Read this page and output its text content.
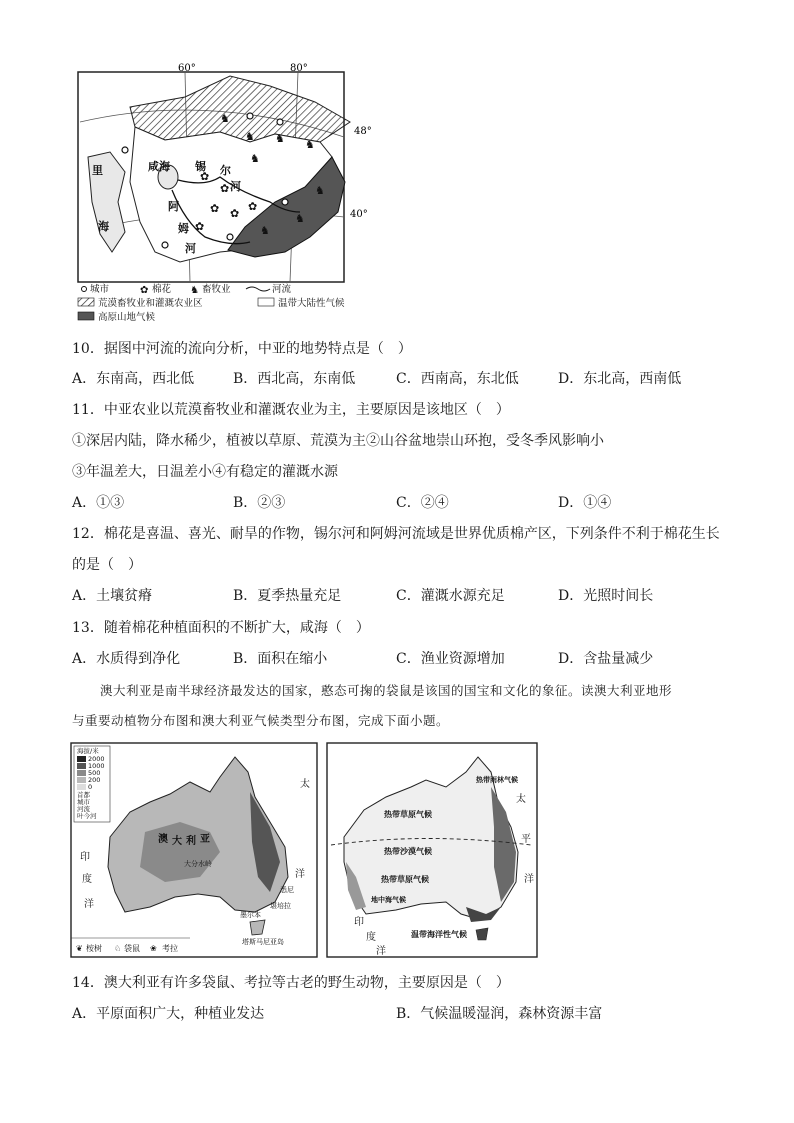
♞
♞ ♞ ♞
♞
♞
♞
♞
✿
✿
✿ ✿
✿
✿
60°	80°
48°
40°
咸海 锡 尔
河
阿
姆
河
里
海
城市	✿ 棉花 ♞ 畜牧业	河流
荒漠畜牧业和灌溉农业区	温带大陆性气候
高原山地气候
10．据图中河流的流向分析，中亚的地势特点是（　）
A．东南高，西北低	B．西北高，东南低	C．西南高，东北低	D．东北高，西南低
11．中亚农业以荒漠畜牧业和灌溉农业为主，主要原因是该地区（　）
①深居内陆，降水稀少，植被以草原、荒漠为主②山谷盆地崇山环抱，受冬季风影响小
③年温差大，日温差小④有稳定的灌溉水源
A．①③	B．②③	C．②④	D．①④
12．棉花是喜温、喜光、耐旱的作物，锡尔河和阿姆河流域是世界优质棉产区，下列条件不利于棉花生长
的是（　）
A．土壤贫瘠	B．夏季热量充足	C．灌溉水源充足	D．光照时间长
13．随着棉花种植面积的不断扩大，咸海（　）
A．水质得到净化	B．面积在缩小	C．渔业资源增加	D．含盐量减少
澳大利亚是南半球经济最发达的国家，憨态可掬的袋鼠是该国的国宝和文化的象征。读澳大利亚地形
与重要动植物分布图和澳大利亚气候类型分布图，完成下面小题。
海拔/米
2000
1000
500
200
0
首都
城市
河流
叶今河
澳 大 利 亚
太
印
度
洋
洋
大分水岭
悉尼
堪培拉
墨尔本
塔斯马尼亚岛
❦ 桉树 ♘ 袋鼠 ❀ 考拉
热带草原气候
热带沙漠气候
热带草原气候
温带海洋性气候
热带雨林气候
地中海气候
太
平
洋
印
度
洋
14．澳大利亚有许多袋鼠、考拉等古老的野生动物，主要原因是（　）
A．平原面积广大，种植业发达	B．气候温暖湿润，森林资源丰富
